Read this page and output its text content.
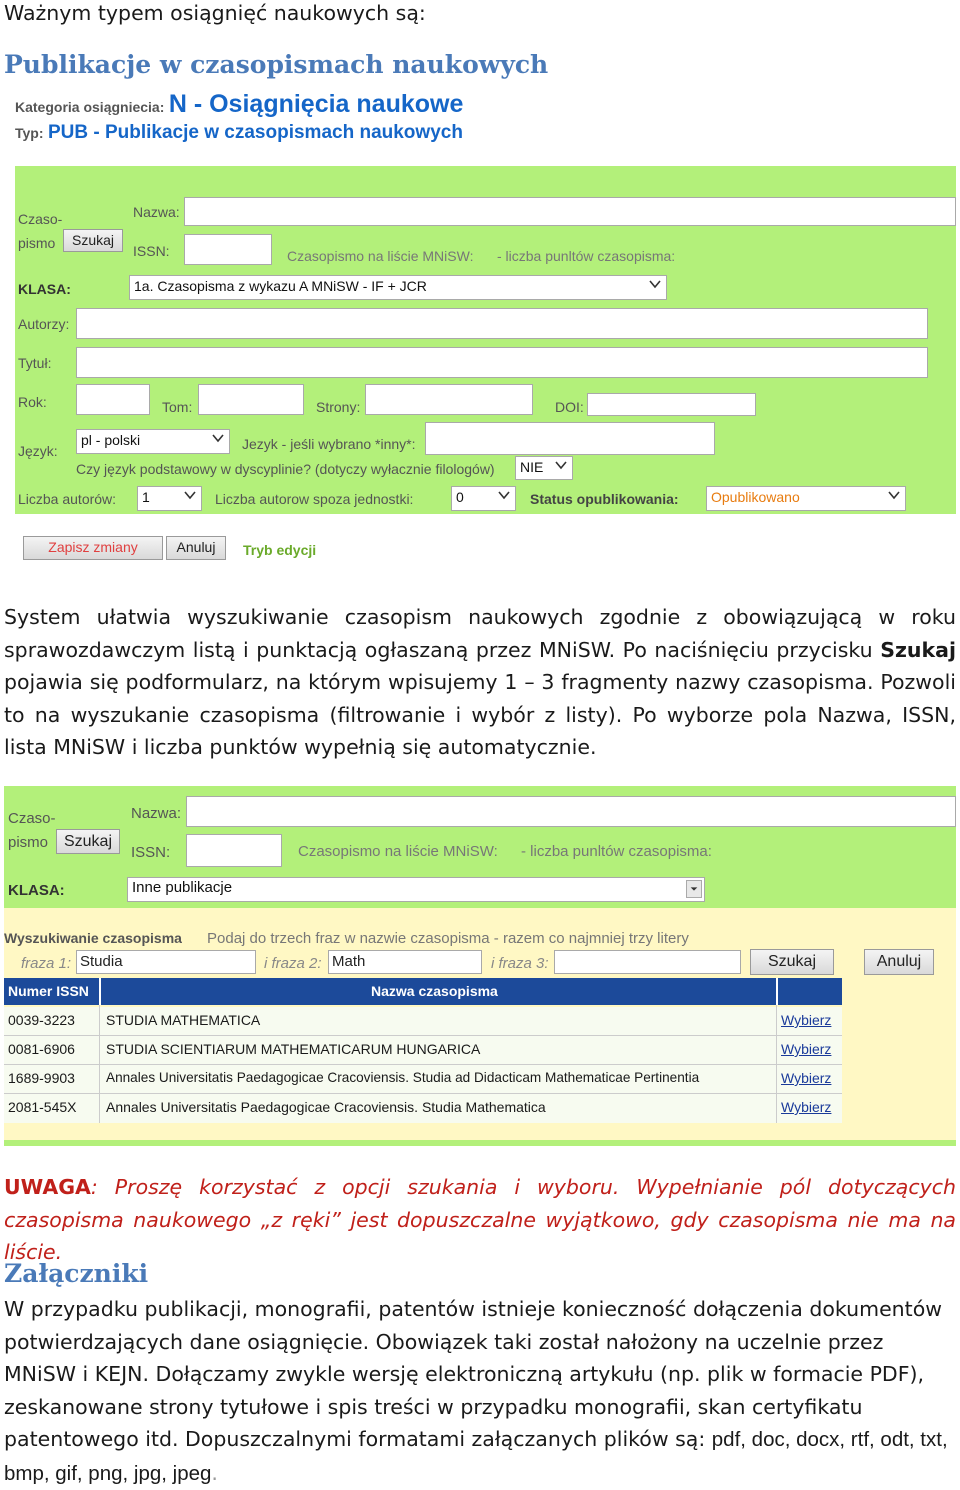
Ważnym typem osiągnięć naukowych są:
Publikacje w czasopismach naukowych
Kategoria osiągniecia: N - Osiągnięcia naukowe
Typ: PUB - Publikacje w czasopismach naukowych
Czaso-
pismo	Szukaj
Nazwa:
ISSN:	Czasopismo na liście MNiSW: - liczba punltów czasopisma:
KLASA:	1a. Czasopisma z wykazu A MNiSW - IF + JCR
Autorzy:
Tytuł:
Rok:	Tom:	Strony:	DOI:
Język:
pl - polski	Jezyk - jeśli wybrano *inny*:
Czy język podstawowy w dyscyplinie? (dotyczy wyłacznie filologów)	NIE
Liczba autorów:	1	Liczba autorow spoza jednostki:	0	Status opublikowania:	Opublikowano
Zapisz zmiany	Anuluj	Tryb edycji
System ułatwia wyszukiwanie czasopism naukowych zgodnie z obowiązującą w roku sprawozdawczym listą i punktacją ogłaszaną przez MNiSW. Po naciśnięciu przycisku Szukaj pojawia się podformularz, na którym wpisujemy 1 – 3 fragmenty nazwy czasopisma. Pozwoli to na wyszukanie czasopisma (filtrowanie i wybór z listy). Po wyborze pola Nazwa, ISSN, lista MNiSW i liczba punktów wypełnią się automatycznie.
Czaso-
pismo Szukaj
Nazwa:
ISSN:	Czasopismo na liście MNiSW: - liczba punltów czasopisma:
KLASA:	Inne publikacje
Wyszukiwanie czasopisma Podaj do trzech fraz w nazwie czasopisma - razem co najmniej trzy litery
fraza 1: Studia	i fraza 2: Math	i fraza 3:	Szukaj	Anuluj
Numer ISSN	Nazwa czasopisma
0039-3223 STUDIA MATHEMATICA	Wybierz
0081-6906 STUDIA SCIENTIARUM MATHEMATICARUM HUNGARICA	Wybierz
1689-9903 Annales Universitatis Paedagogicae Cracoviensis. Studia ad Didacticam Mathematicae Pertinentia	Wybierz
2081-545X Annales Universitatis Paedagogicae Cracoviensis. Studia Mathematica	Wybierz
UWAGA: Proszę korzystać z opcji szukania i wyboru. Wypełnianie pól dotyczących czasopisma naukowego „z ręki” jest dopuszczalne wyjątkowo, gdy czasopisma nie ma na liście.
Załączniki
W przypadku publikacji, monografii, patentów istnieje konieczność dołączenia dokumentów potwierdzających dane osiągnięcie. Obowiązek taki został nałożony na uczelnie przez MNiSW i KEJN. Dołączamy zwykle wersję elektroniczną artykułu (np. plik w formacie PDF), zeskanowane strony tytułowe i spis treści w przypadku monografii, skan certyfikatu patentowego itd. Dopuszczalnymi formatami załączanych plików są: pdf, doc, docx, rtf, odt, txt, bmp, gif, png, jpg, jpeg.
